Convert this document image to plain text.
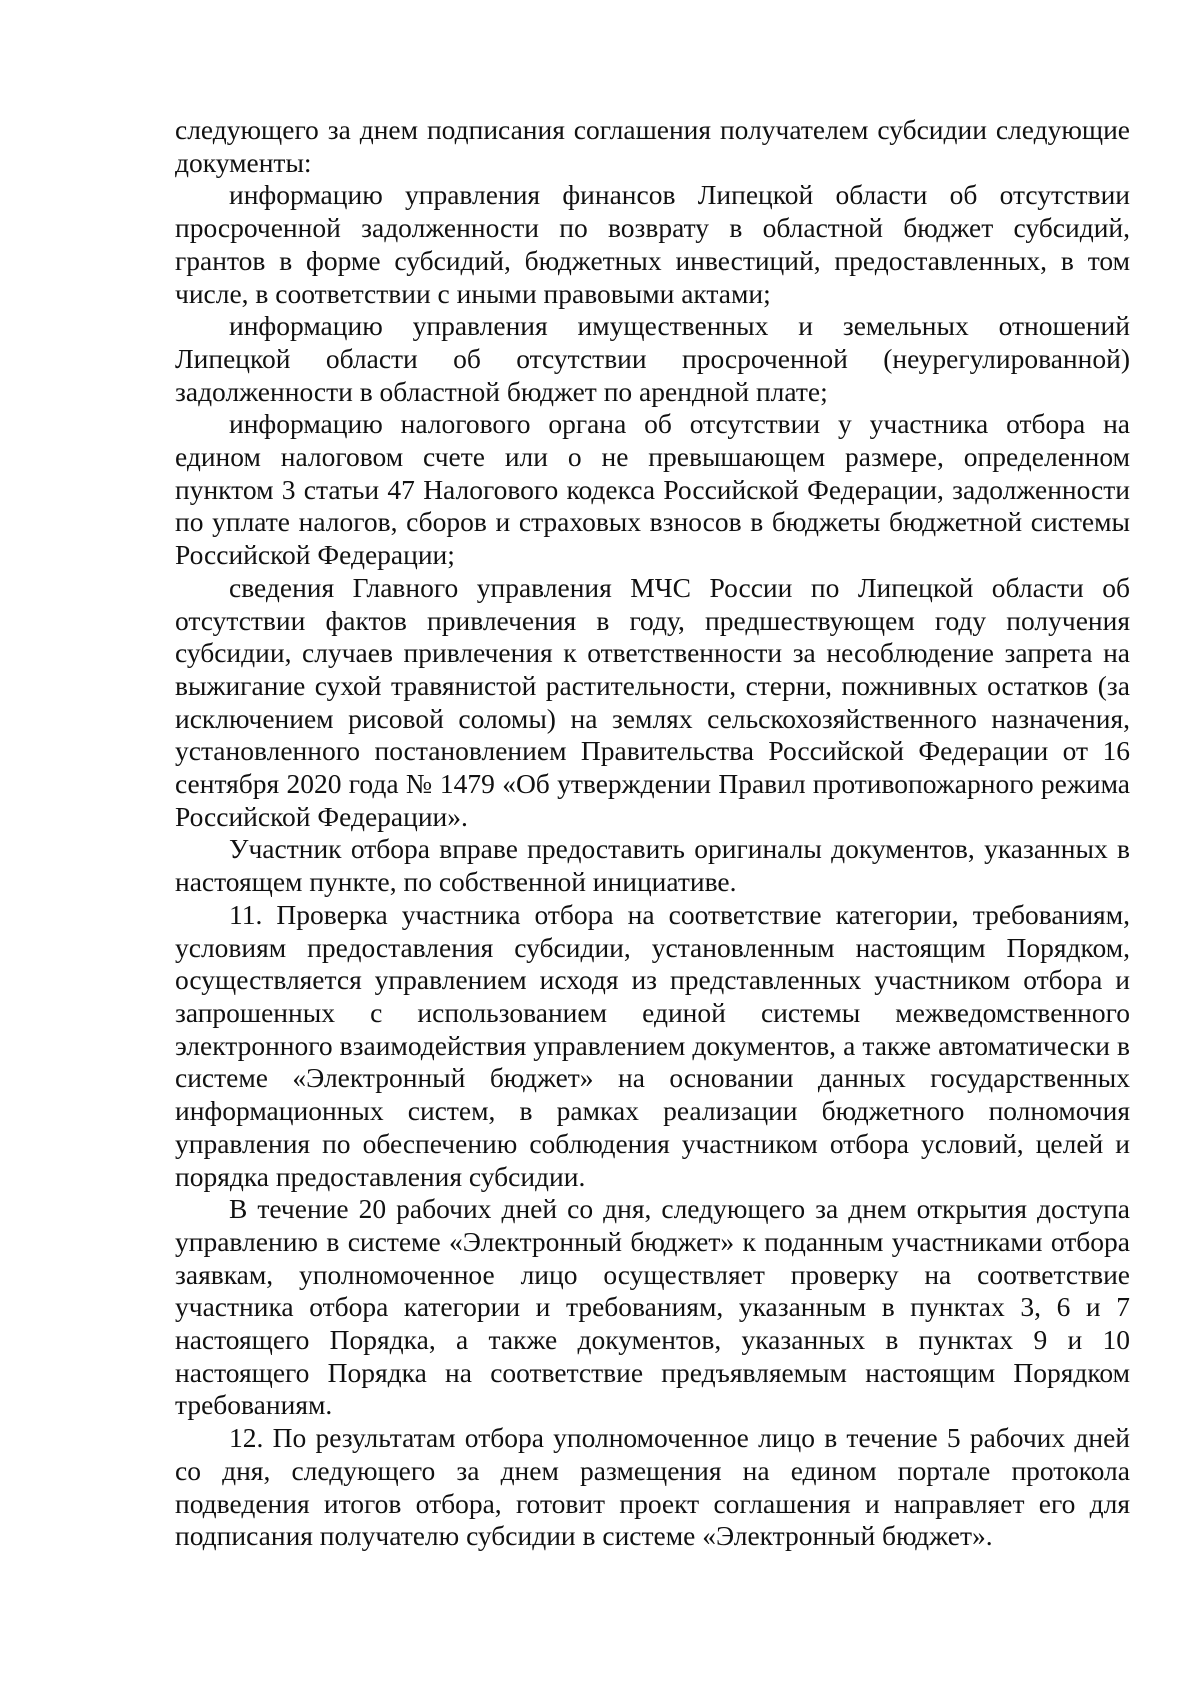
следующего за днем подписания соглашения получателем субсидии следующие документы:

информацию управления финансов Липецкой области об отсутствии просроченной задолженности по возврату в областной бюджет субсидий, грантов в форме субсидий, бюджетных инвестиций, предоставленных, в том числе, в соответствии с иными правовыми актами;

информацию управления имущественных и земельных отношений Липецкой области об отсутствии просроченной (неурегулированной) задолженности в областной бюджет по арендной плате;

информацию налогового органа об отсутствии у участника отбора на едином налоговом счете или о не превышающем размере, определенном пунктом 3 статьи 47 Налогового кодекса Российской Федерации, задолженности по уплате налогов, сборов и страховых взносов в бюджеты бюджетной системы Российской Федерации;

сведения Главного управления МЧС России по Липецкой области об отсутствии фактов привлечения в году, предшествующем году получения субсидии, случаев привлечения к ответственности за несоблюдение запрета на выжигание сухой травянистой растительности, стерни, пожнивных остатков (за исключением рисовой соломы) на землях сельскохозяйственного назначения, установленного постановлением Правительства Российской Федерации от 16 сентября 2020 года № 1479 «Об утверждении Правил противопожарного режима Российской Федерации».

Участник отбора вправе предоставить оригиналы документов, указанных в настоящем пункте, по собственной инициативе.

11. Проверка участника отбора на соответствие категории, требованиям, условиям предоставления субсидии, установленным настоящим Порядком, осуществляется управлением исходя из представленных участником отбора и запрошенных с использованием единой системы межведомственного электронного взаимодействия управлением документов, а также автоматически в системе «Электронный бюджет» на основании данных государственных информационных систем, в рамках реализации бюджетного полномочия управления по обеспечению соблюдения участником отбора условий, целей и порядка предоставления субсидии.

В течение 20 рабочих дней со дня, следующего за днем открытия доступа управлению в системе «Электронный бюджет» к поданным участниками отбора заявкам, уполномоченное лицо осуществляет проверку на соответствие участника отбора категории и требованиям, указанным в пунктах 3, 6 и 7 настоящего Порядка, а также документов, указанных в пунктах 9 и 10 настоящего Порядка на соответствие предъявляемым настоящим Порядком требованиям.

12. По результатам отбора уполномоченное лицо в течение 5 рабочих дней со дня, следующего за днем размещения на едином портале протокола подведения итогов отбора, готовит проект соглашения и направляет его для подписания получателю субсидии в системе «Электронный бюджет».
